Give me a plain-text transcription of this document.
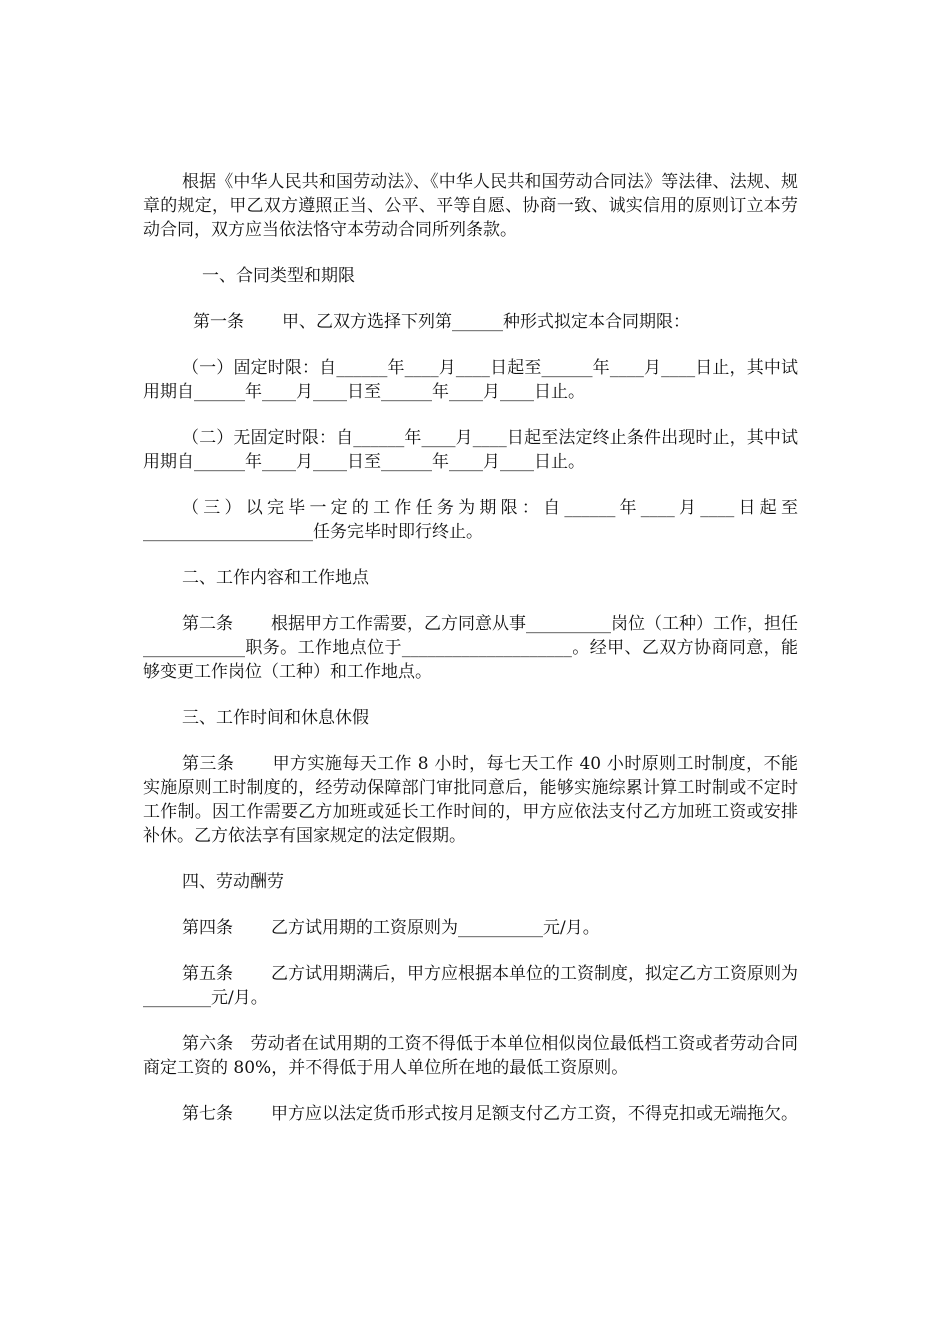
根据《中华人民共和国劳动法》、《中华人民共和国劳动合同法》等法律、法规、规章的规定，甲乙双方遵照正当、公平、平等自愿、协商一致、诚实信用的原则订立本劳动合同，双方应当依法恪守本劳动合同所列条款。

一、合同类型和期限

第一条 甲、乙双方选择下列第______种形式拟定本合同期限：

（一）固定时限：自______年____月____日起至______年____月____日止，其中试用期自______年____月____日至______年____月____日止。

（二）无固定时限：自______年____月____日起至法定终止条件出现时止，其中试用期自______年____月____日至______年____月____日止。

（三）以完毕一定的工作任务为期限：自______年____月____日起至____________________任务完毕时即行终止。

二、工作内容和工作地点

第二条 根据甲方工作需要，乙方同意从事__________岗位（工种）工作，担任____________职务。工作地点位于____________________。经甲、乙双方协商同意，能够变更工作岗位（工种）和工作地点。

三、工作时间和休息休假

第三条 甲方实施每天工作 8 小时，每七天工作 40 小时原则工时制度，不能实施原则工时制度的，经劳动保障部门审批同意后，能够实施综累计算工时制或不定时工作制。因工作需要乙方加班或延长工作时间的，甲方应依法支付乙方加班工资或安排补休。乙方依法享有国家规定的法定假期。

四、劳动酬劳

第四条 乙方试用期的工资原则为__________元/月。

第五条 乙方试用期满后，甲方应根据本单位的工资制度，拟定乙方工资原则为________元/月。

第六条 劳动者在试用期的工资不得低于本单位相似岗位最低档工资或者劳动合同商定工资的 80%，并不得低于用人单位所在地的最低工资原则。

第七条 甲方应以法定货币形式按月足额支付乙方工资，不得克扣或无端拖欠。
